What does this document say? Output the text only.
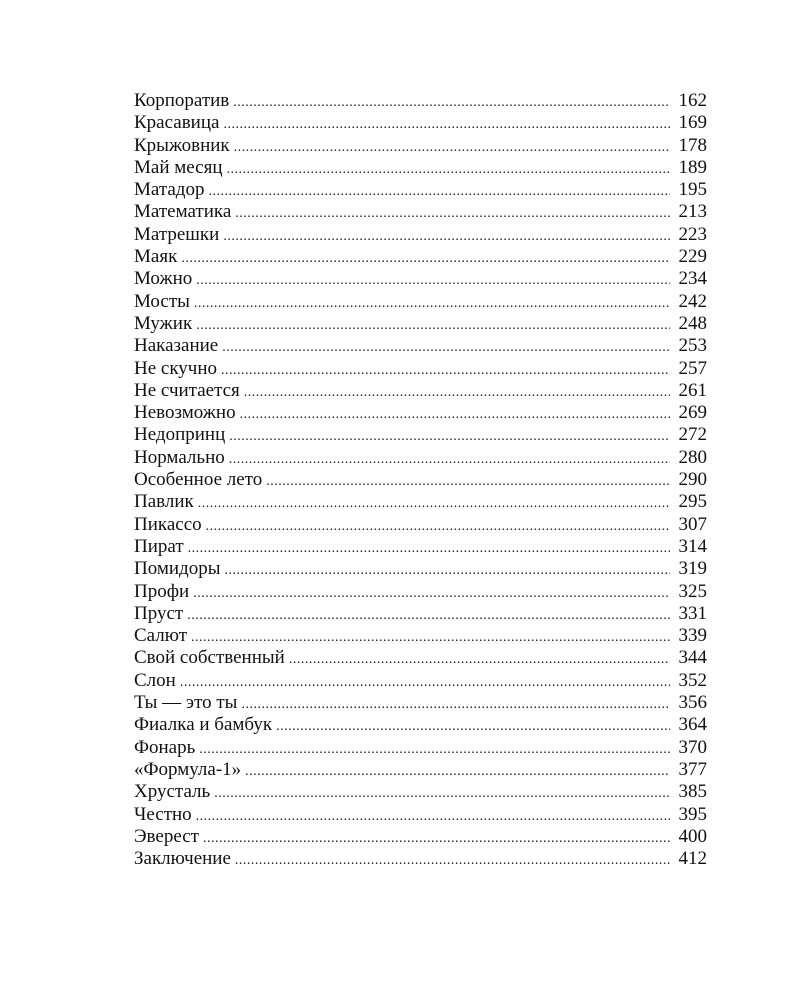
Корпоратив .....	162
Красавица .....	169
Крыжовник .....	178
Май месяц .....	189
Матадор .....	195
Математика .....	213
Матрешки .....	223
Маяк .....	229
Можно .....	234
Мосты .....	242
Мужик .....	248
Наказание .....	253
Не скучно .....	257
Не считается .....	261
Невозможно .....	269
Недопринц .....	272
Нормально .....	280
Особенное лето .....	290
Павлик .....	295
Пикассо .....	307
Пират .....	314
Помидоры .....	319
Профи .....	325
Пруст .....	331
Салют .....	339
Свой собственный .....	344
Слон .....	352
Ты — это ты .....	356
Фиалка и бамбук .....	364
Фонарь .....	370
«Формула-1» .....	377
Хрусталь .....	385
Честно .....	395
Эверест .....	400
Заключение .....	412
